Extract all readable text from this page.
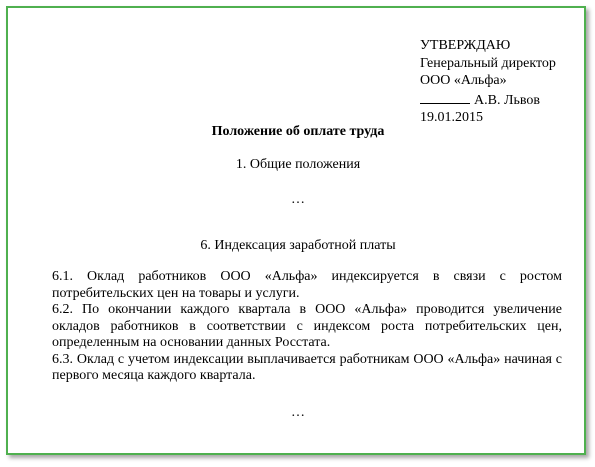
УТВЕРЖДАЮ
Генеральный директор
ООО «Альфа»
А.В. Львов
19.01.2015
Положение об оплате труда
1. Общие положения
…
6. Индексация заработной платы
6.1. Оклад работников ООО «Альфа» индексируется в связи с ростом потребительских цен на товары и услуги.
6.2. По окончании каждого квартала в ООО «Альфа» проводится увеличение окладов работников в соответствии с индексом роста потребительских цен, определенным на основании данных Росстата.
6.3. Оклад с учетом индексации выплачивается работникам ООО «Альфа» начиная с первого месяца каждого квартала.
…
